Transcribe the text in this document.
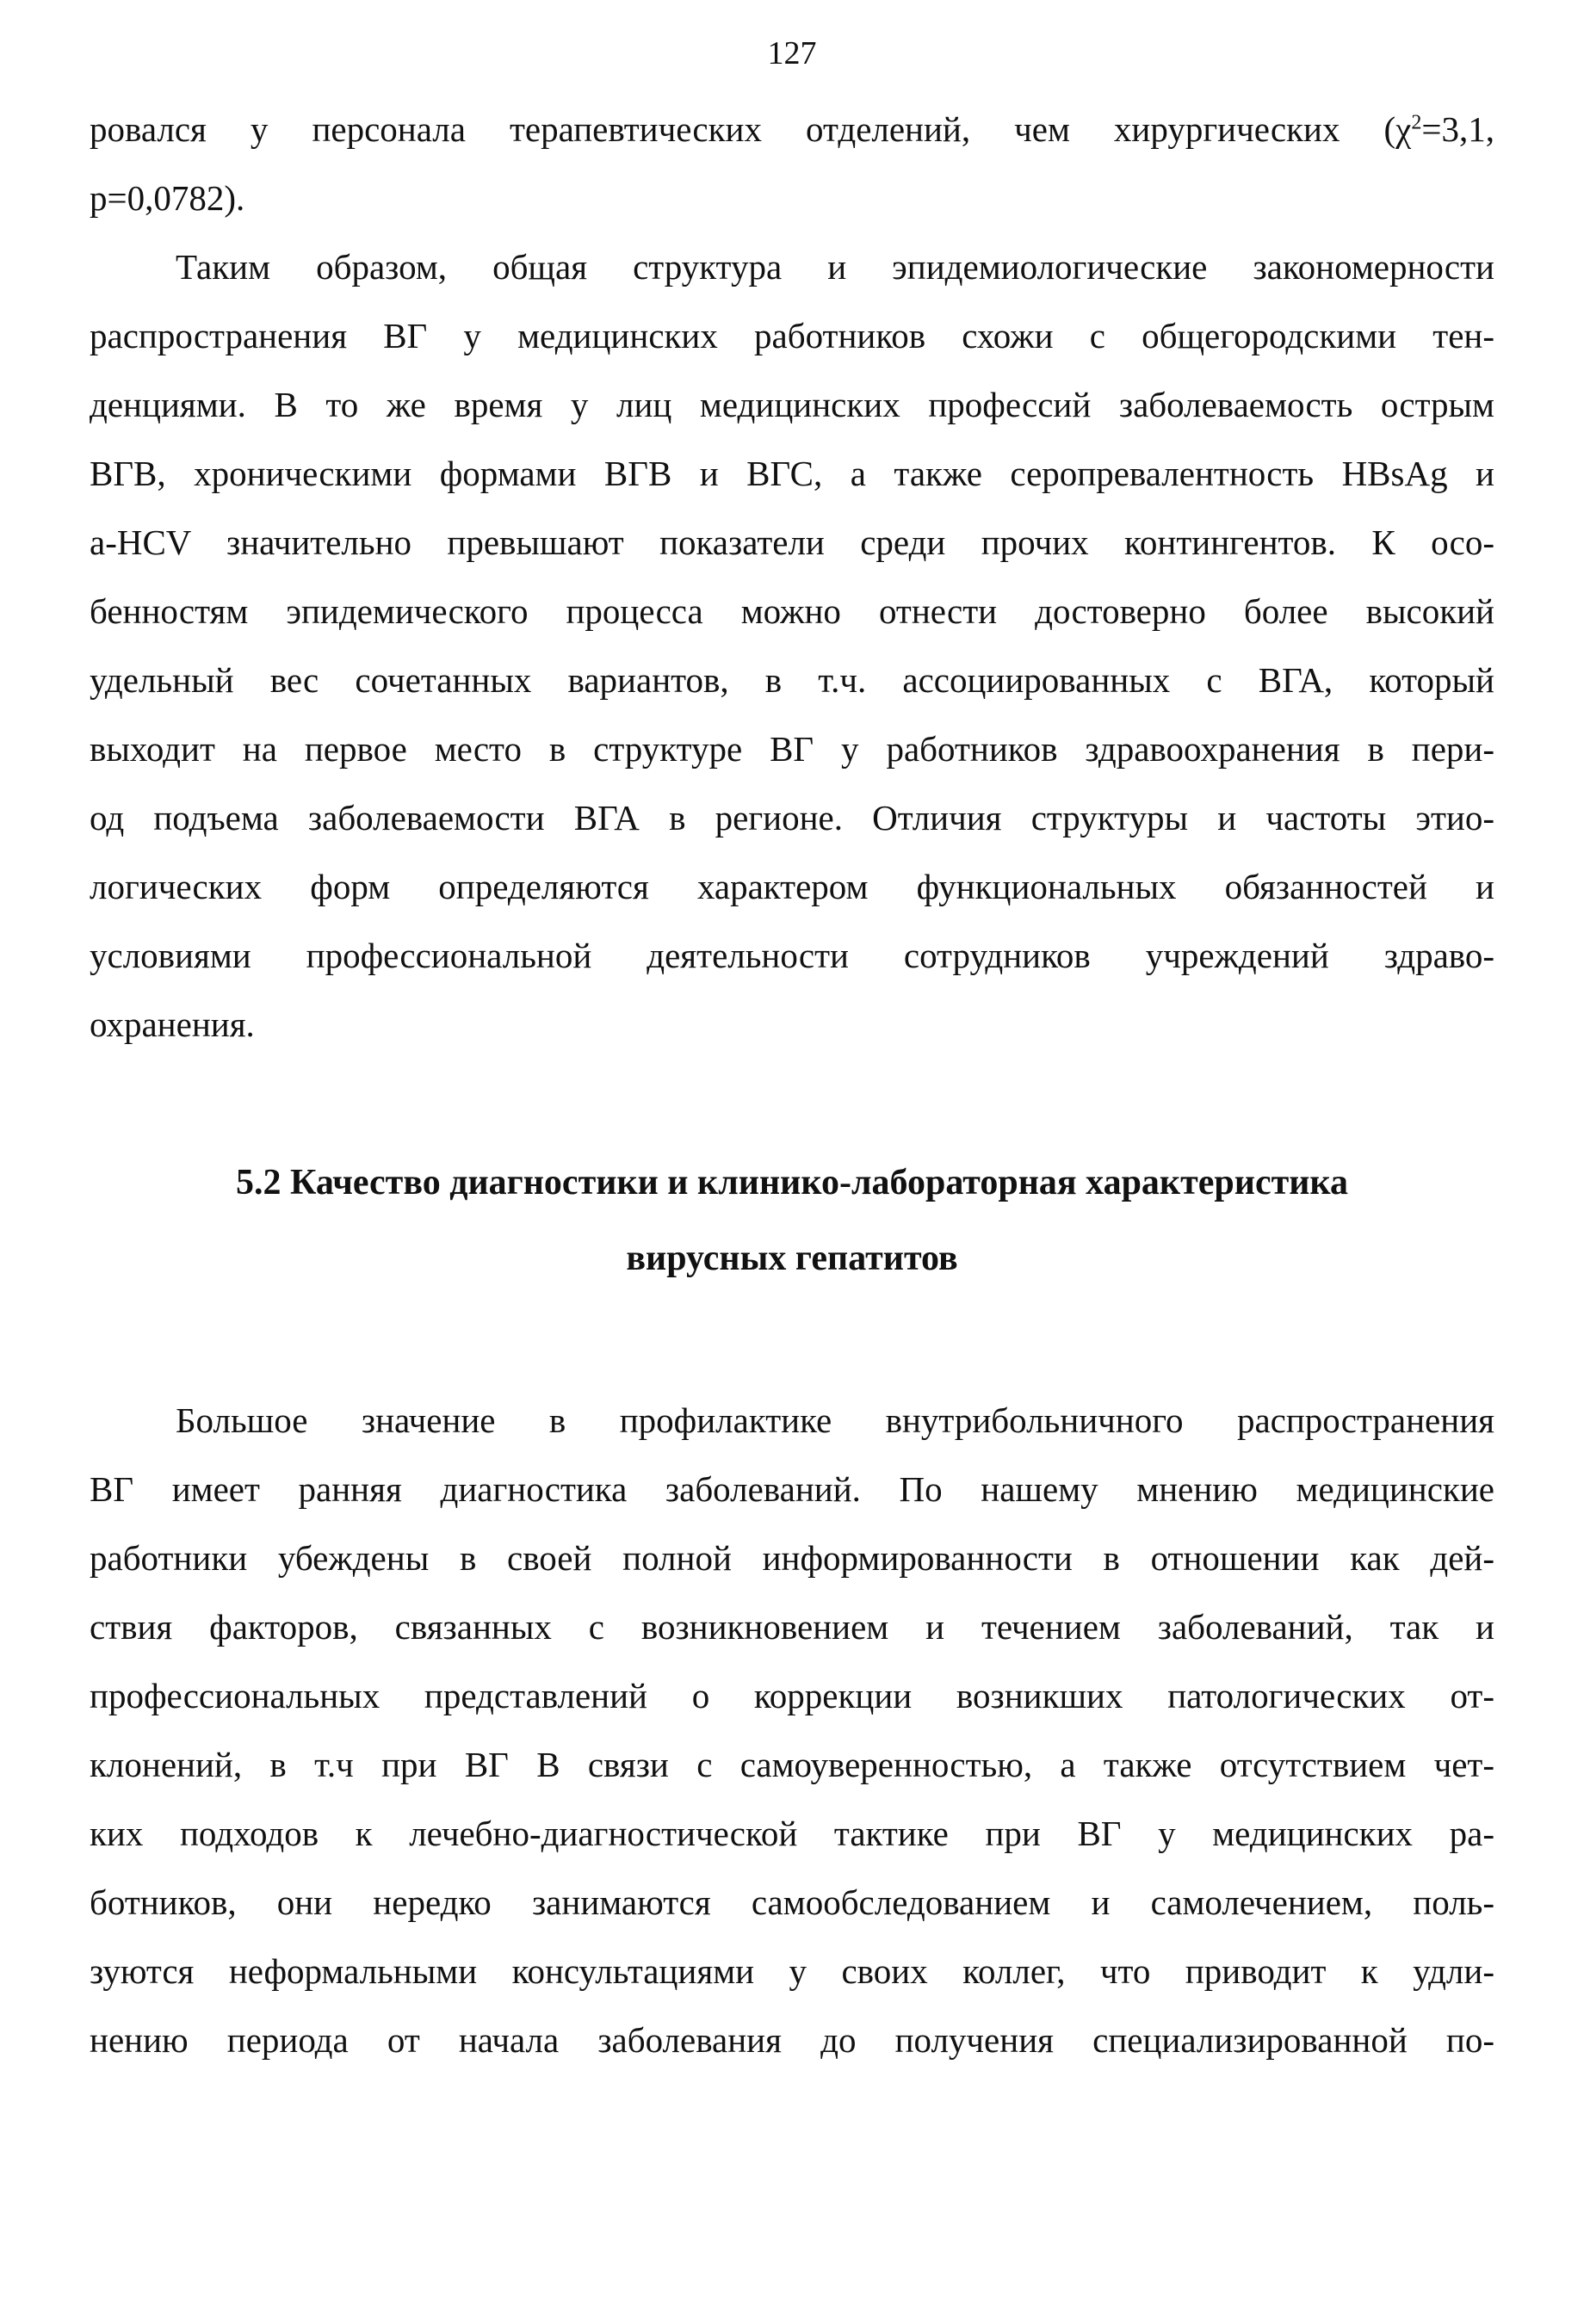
127
ровался у персонала терапевтических отделений, чем хирургических ($\chi^2=3,1$,
p=0,0782).
Таким образом, общая структура и эпидемиологические закономерности
распространения ВГ у медицинских работников схожи с общегородскими тен-
денциями. В то же время у лиц медицинских профессий заболеваемость острым
ВГВ, хроническими формами ВГВ и ВГС, а также серопревалентность HBsAg и
a-HCV значительно превышают показатели среди прочих контингентов. К осо-
бенностям эпидемического процесса можно отнести достоверно более высокий
удельный вес сочетанных вариантов, в т.ч. ассоциированных с ВГА, который
выходит на первое место в структуре ВГ у работников здравоохранения в пери-
од подъема заболеваемости ВГА в регионе. Отличия структуры и частоты этио-
логических форм определяются характером функциональных обязанностей и
условиями профессиональной деятельности сотрудников учреждений здраво-
охранения.
5.2 Качество диагностики и клинико-лабораторная характеристика
вирусных гепатитов
Большое значение в профилактике внутрибольничного распространения
ВГ имеет ранняя диагностика заболеваний. По нашему мнению медицинские
работники убеждены в своей полной информированности в отношении как дей-
ствия факторов, связанных с возникновением и течением заболеваний, так и
профессиональных представлений о коррекции возникших патологических от-
клонений, в т.ч при ВГ В связи с самоуверенностью, а также отсутствием чет-
ких подходов к лечебно-диагностической тактике при ВГ у медицинских ра-
ботников, они нередко занимаются самообследованием и самолечением, поль-
зуются неформальными консультациями у своих коллег, что приводит к удли-
нению периода от начала заболевания до получения специализированной по-
